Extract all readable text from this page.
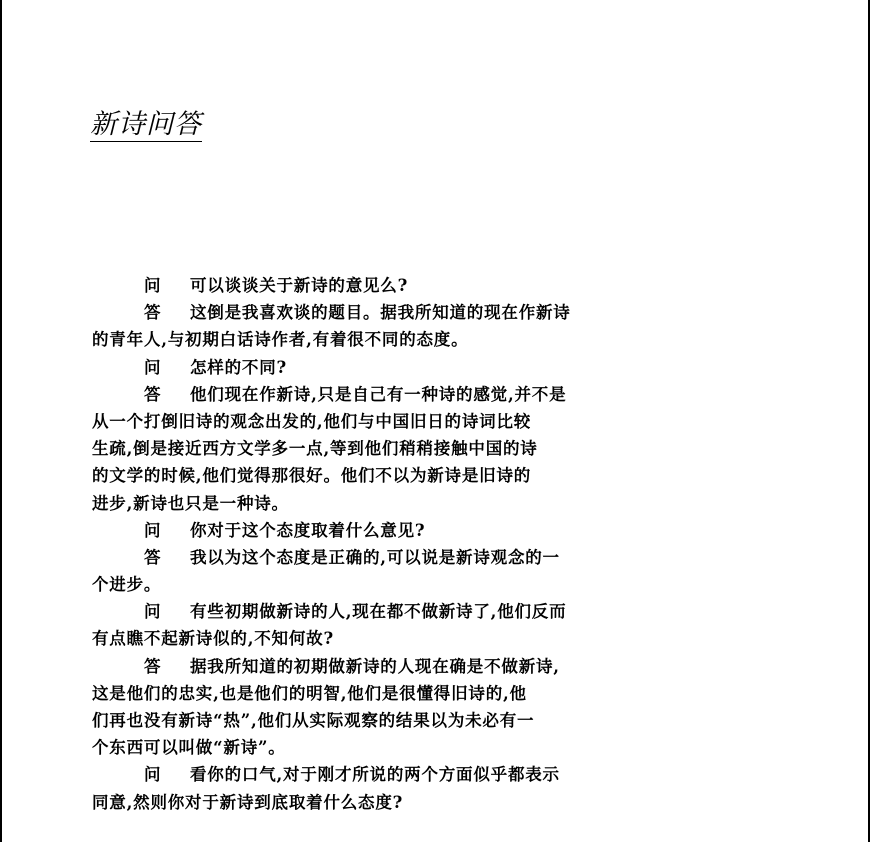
新诗问答
问 可以谈谈关于新诗的意见么?
答 这倒是我喜欢谈的题目。据我所知道的现在作新诗
的青年人,与初期白话诗作者,有着很不同的态度。
问 怎样的不同?
答 他们现在作新诗,只是自己有一种诗的感觉,并不是
从一个打倒旧诗的观念出发的,他们与中国旧日的诗词比较
生疏,倒是接近西方文学多一点,等到他们稍稍接触中国的诗
的文学的时候,他们觉得那很好。他们不以为新诗是旧诗的
进步,新诗也只是一种诗。
问 你对于这个态度取着什么意见?
答 我以为这个态度是正确的,可以说是新诗观念的一
个进步。
问 有些初期做新诗的人,现在都不做新诗了,他们反而
有点瞧不起新诗似的,不知何故?
答 据我所知道的初期做新诗的人现在确是不做新诗,
这是他们的忠实,也是他们的明智,他们是很懂得旧诗的,他
们再也没有新诗“热”,他们从实际观察的结果以为未必有一
个东西可以叫做“新诗”。
问 看你的口气,对于刚才所说的两个方面似乎都表示
同意,然则你对于新诗到底取着什么态度?
